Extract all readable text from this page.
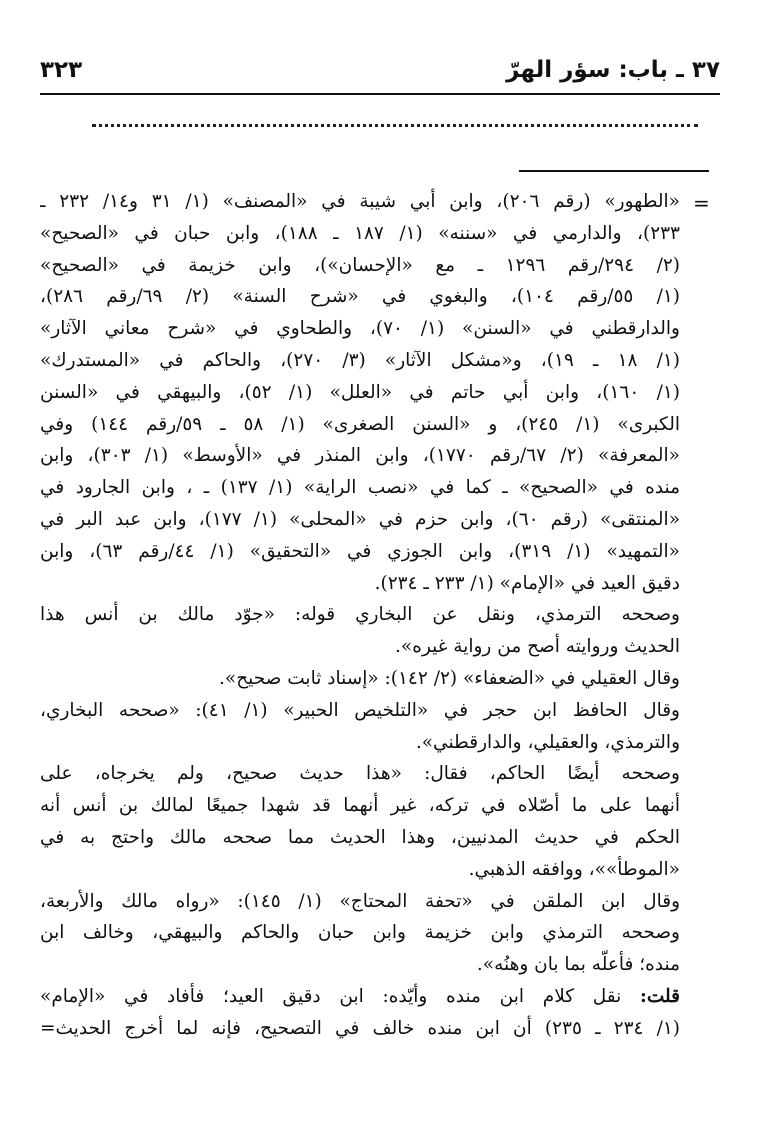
٣٧ ـ باب: سؤر الهرّ
٣٢٣
=
«الطهور» (رقم ٢٠٦)، وابن أبي شيبة في «المصنف» (١/ ٣١ و١٤/ ٢٣٢ ـ
٢٣٣)، والدارمي في «سننه» (١/ ١٨٧ ـ ١٨٨)، وابن حبان في «الصحيح»
(٢/ ٢٩٤/رقم ١٢٩٦ ـ مع «الإحسان»)، وابن خزيمة في «الصحيح»
(١/ ٥٥/رقم ١٠٤)، والبغوي في «شرح السنة» (٢/ ٦٩/رقم ٢٨٦)،
والدارقطني في «السنن» (١/ ٧٠)، والطحاوي في «شرح معاني الآثار»
(١/ ١٨ ـ ١٩)، و«مشكل الآثار» (٣/ ٢٧٠)، والحاكم في «المستدرك»
(١/ ١٦٠)، وابن أبي حاتم في «العلل» (١/ ٥٢)، والبيهقي في «السنن
الكبرى» (١/ ٢٤٥)، و «السنن الصغرى» (١/ ٥٨ ـ ٥٩/رقم ١٤٤) وفي
«المعرفة» (٢/ ٦٧/رقم ١٧٧٠)، وابن المنذر في «الأوسط» (١/ ٣٠٣)، وابن
منده في «الصحيح» ـ كما في «نصب الراية» (١/ ١٣٧) ـ ، وابن الجارود في
«المنتقى» (رقم ٦٠)، وابن حزم في «المحلى» (١/ ١٧٧)، وابن عبد البر في
«التمهيد» (١/ ٣١٩)، وابن الجوزي في «التحقيق» (١/ ٤٤/رقم ٦٣)، وابن
دقيق العيد في «الإمام» (١/ ٢٣٣ ـ ٢٣٤).
وصححه الترمذي، ونقل عن البخاري قوله: «جوّد مالك بن أنس هذا
الحديث وروايته أصح من رواية غيره».
وقال العقيلي في «الضعفاء» (٢/ ١٤٢): «إسناد ثابت صحيح».
وقال الحافظ ابن حجر في «التلخيص الحبير» (١/ ٤١): «صححه البخاري،
والترمذي، والعقيلي، والدارقطني».
وصححه أيضًا الحاكم، فقال: «هذا حديث صحيح، ولم يخرجاه، على
أنهما على ما أصّلاه في تركه، غير أنهما قد شهدا جميعًا لمالك بن أنس أنه
الحكم في حديث المدنيين، وهذا الحديث مما صححه مالك واحتج به في
«الموطأ»»، ووافقه الذهبي.
وقال ابن الملقن في «تحفة المحتاج» (١/ ١٤٥): «رواه مالك والأربعة،
وصححه الترمذي وابن خزيمة وابن حبان والحاكم والبيهقي، وخالف ابن
منده؛ فأعلّه بما بان وهنُه».
قلت: نقل كلام ابن منده وأيّده: ابن دقيق العيد؛ فأفاد في «الإمام»
(١/ ٢٣٤ ـ ٢٣٥) أن ابن منده خالف في التصحيح، فإنه لما أخرج الحديث=
